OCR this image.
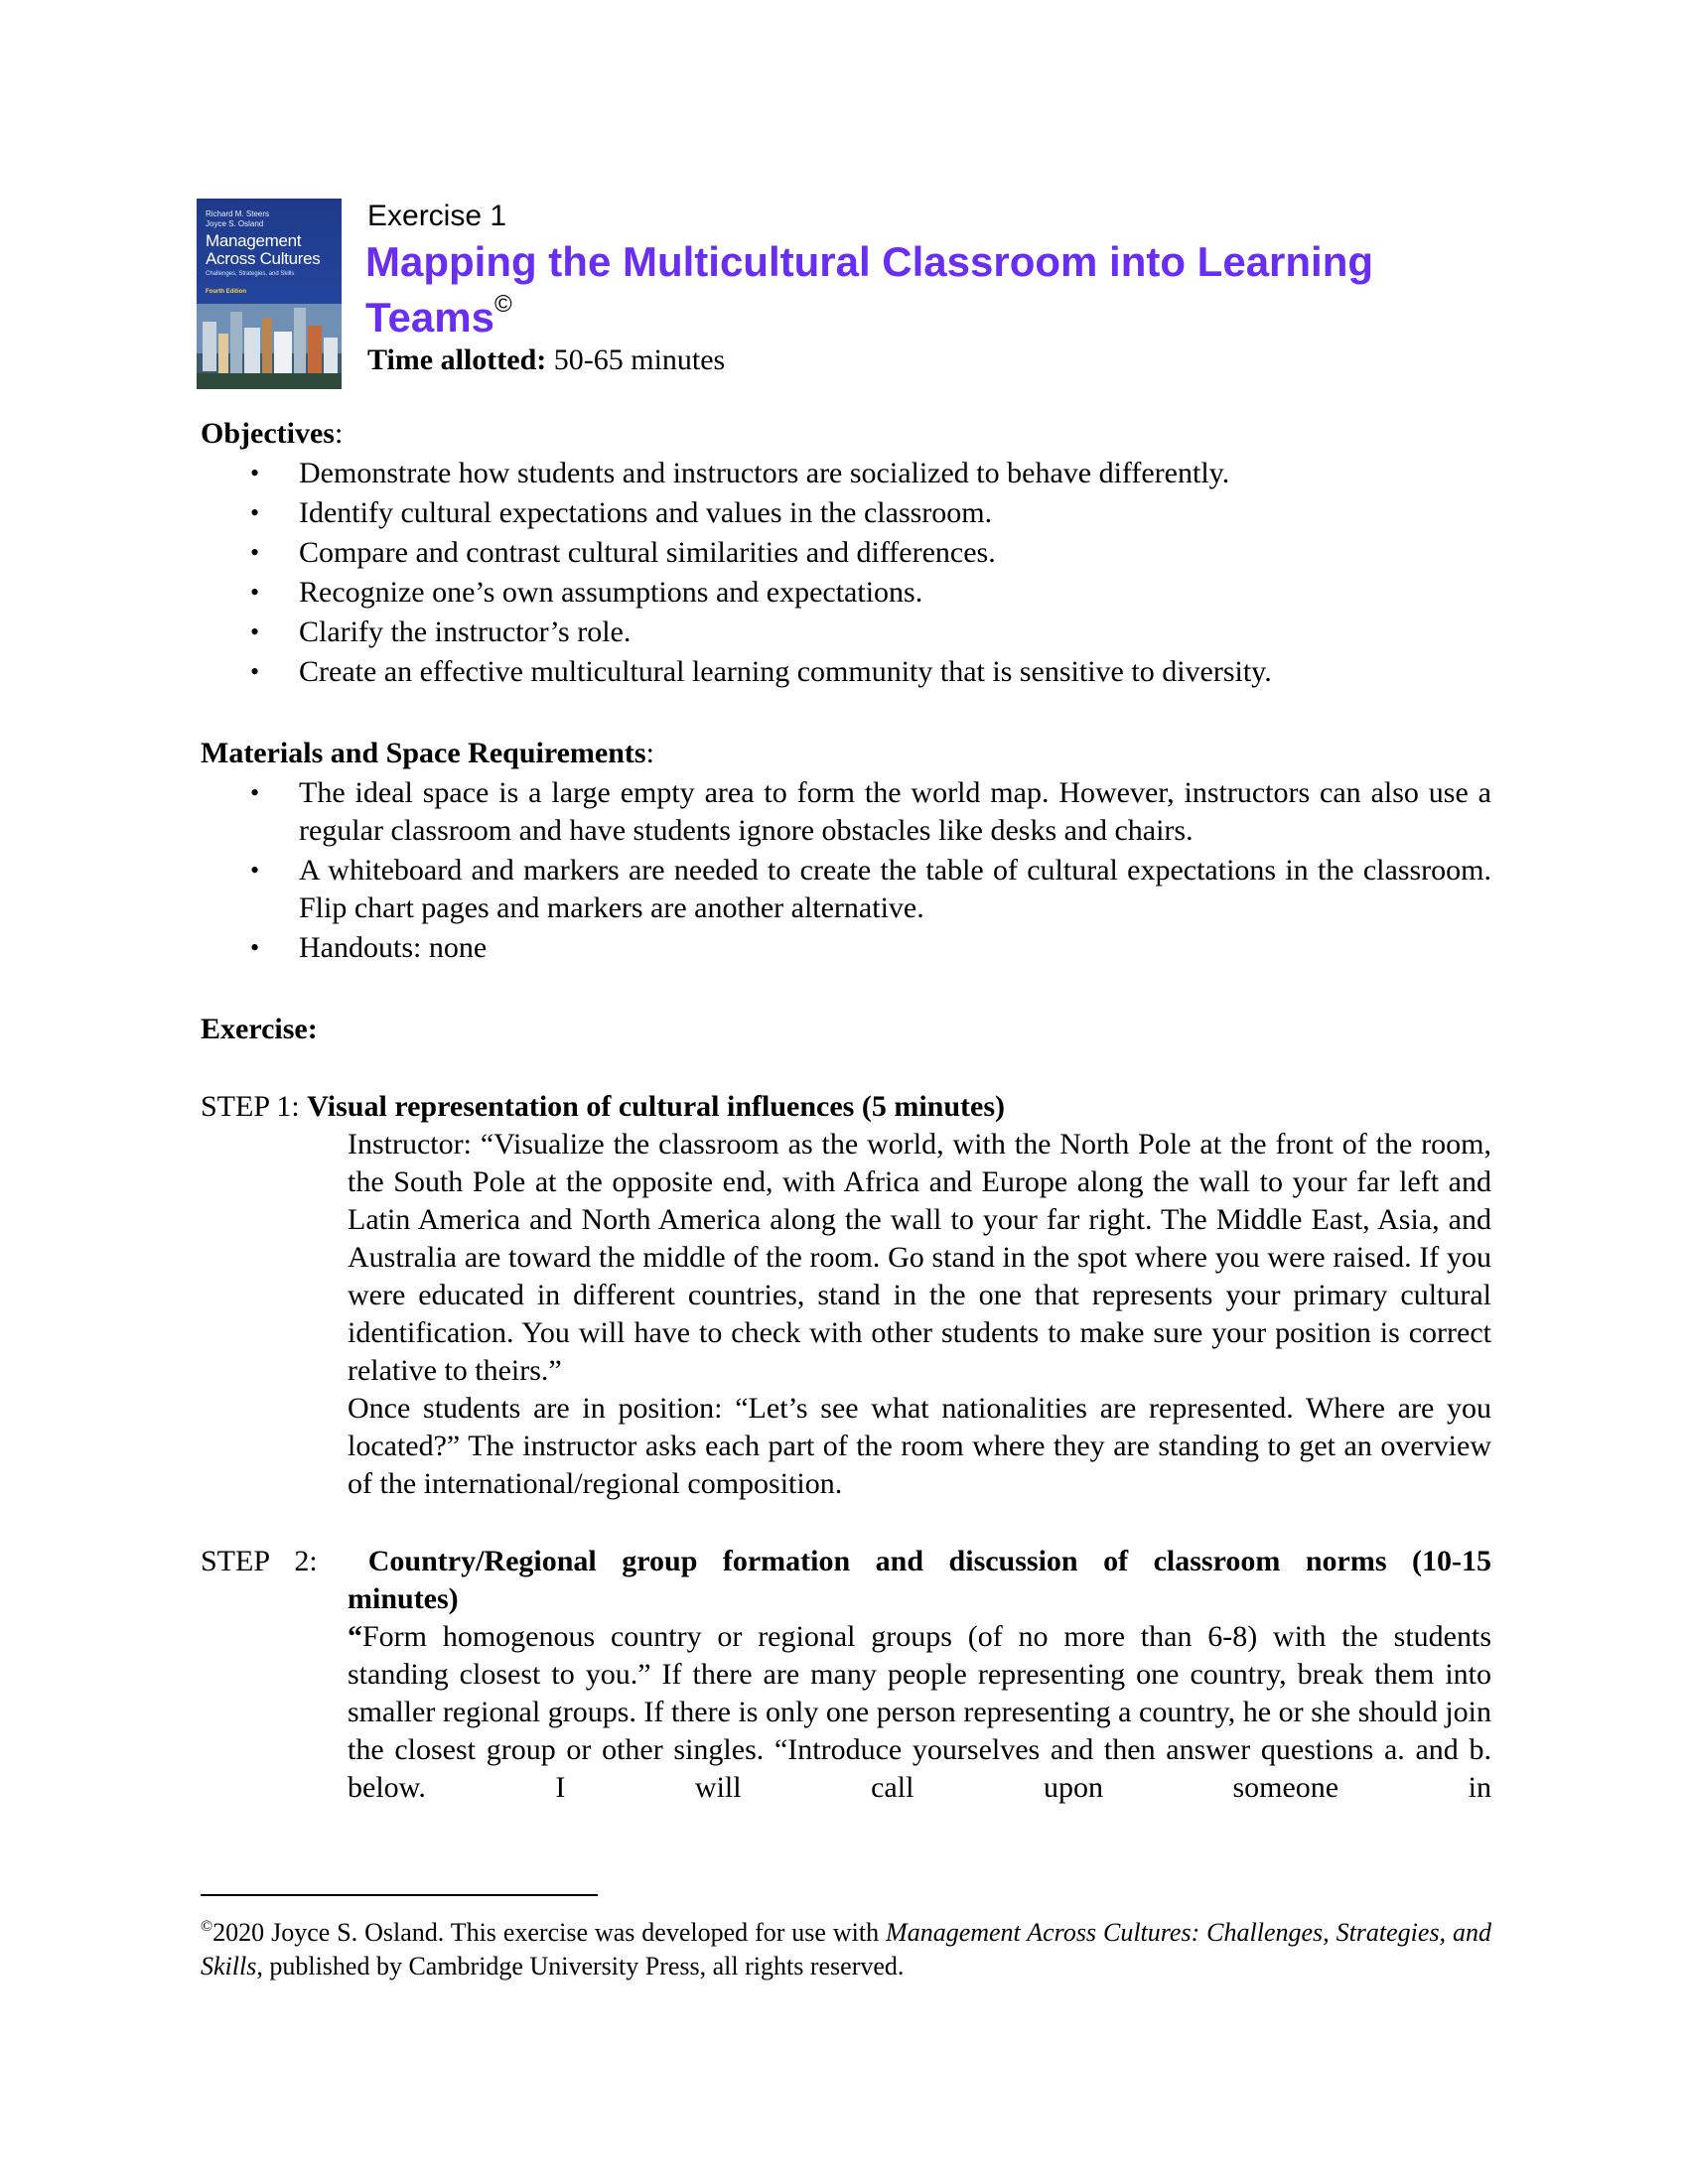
Richard M. Steers
Joyce S. Osland
Management Across Cultures
Challenges, Strategies, and Skills
Fourth Edition
Exercise 1
Mapping the Multicultural Classroom into Learning Teams©
Time allotted: 50-65 minutes
Objectives:
• Demonstrate how students and instructors are socialized to behave differently.
• Identify cultural expectations and values in the classroom.
• Compare and contrast cultural similarities and differences.
• Recognize one’s own assumptions and expectations.
• Clarify the instructor’s role.
• Create an effective multicultural learning community that is sensitive to diversity.
Materials and Space Requirements:
• The ideal space is a large empty area to form the world map. However, instructors can also use a regular classroom and have students ignore obstacles like desks and chairs.
• A whiteboard and markers are needed to create the table of cultural expectations in the classroom. Flip chart pages and markers are another alternative.
• Handouts: none
Exercise:
STEP 1: Visual representation of cultural influences (5 minutes)

Instructor: “Visualize the classroom as the world, with the North Pole at the front of the room, the South Pole at the opposite end, with Africa and Europe along the wall to your far left and Latin America and North America along the wall to your far right. The Middle East, Asia, and Australia are toward the middle of the room. Go stand in the spot where you were raised. If you were educated in different countries, stand in the one that represents your primary cultural identification. You will have to check with other students to make sure your position is correct relative to theirs.”

Once students are in position: “Let’s see what nationalities are represented. Where are you located?” The instructor asks each part of the room where they are standing to get an overview of the international/regional composition.

STEP 2:  Country/Regional group formation and discussion of classroom norms (10-15
minutes)

“Form homogenous country or regional groups (of no more than 6-8) with the students standing closest to you.” If there are many people representing one country, break them into smaller regional groups. If there is only one person representing a country, he or she should join the closest group or other singles. “Introduce yourselves and then answer questions a. and b. below. I will call upon someone in

©2020 Joyce S. Osland. This exercise was developed for use with Management Across Cultures: Challenges, Strategies, and Skills, published by Cambridge University Press, all rights reserved.
